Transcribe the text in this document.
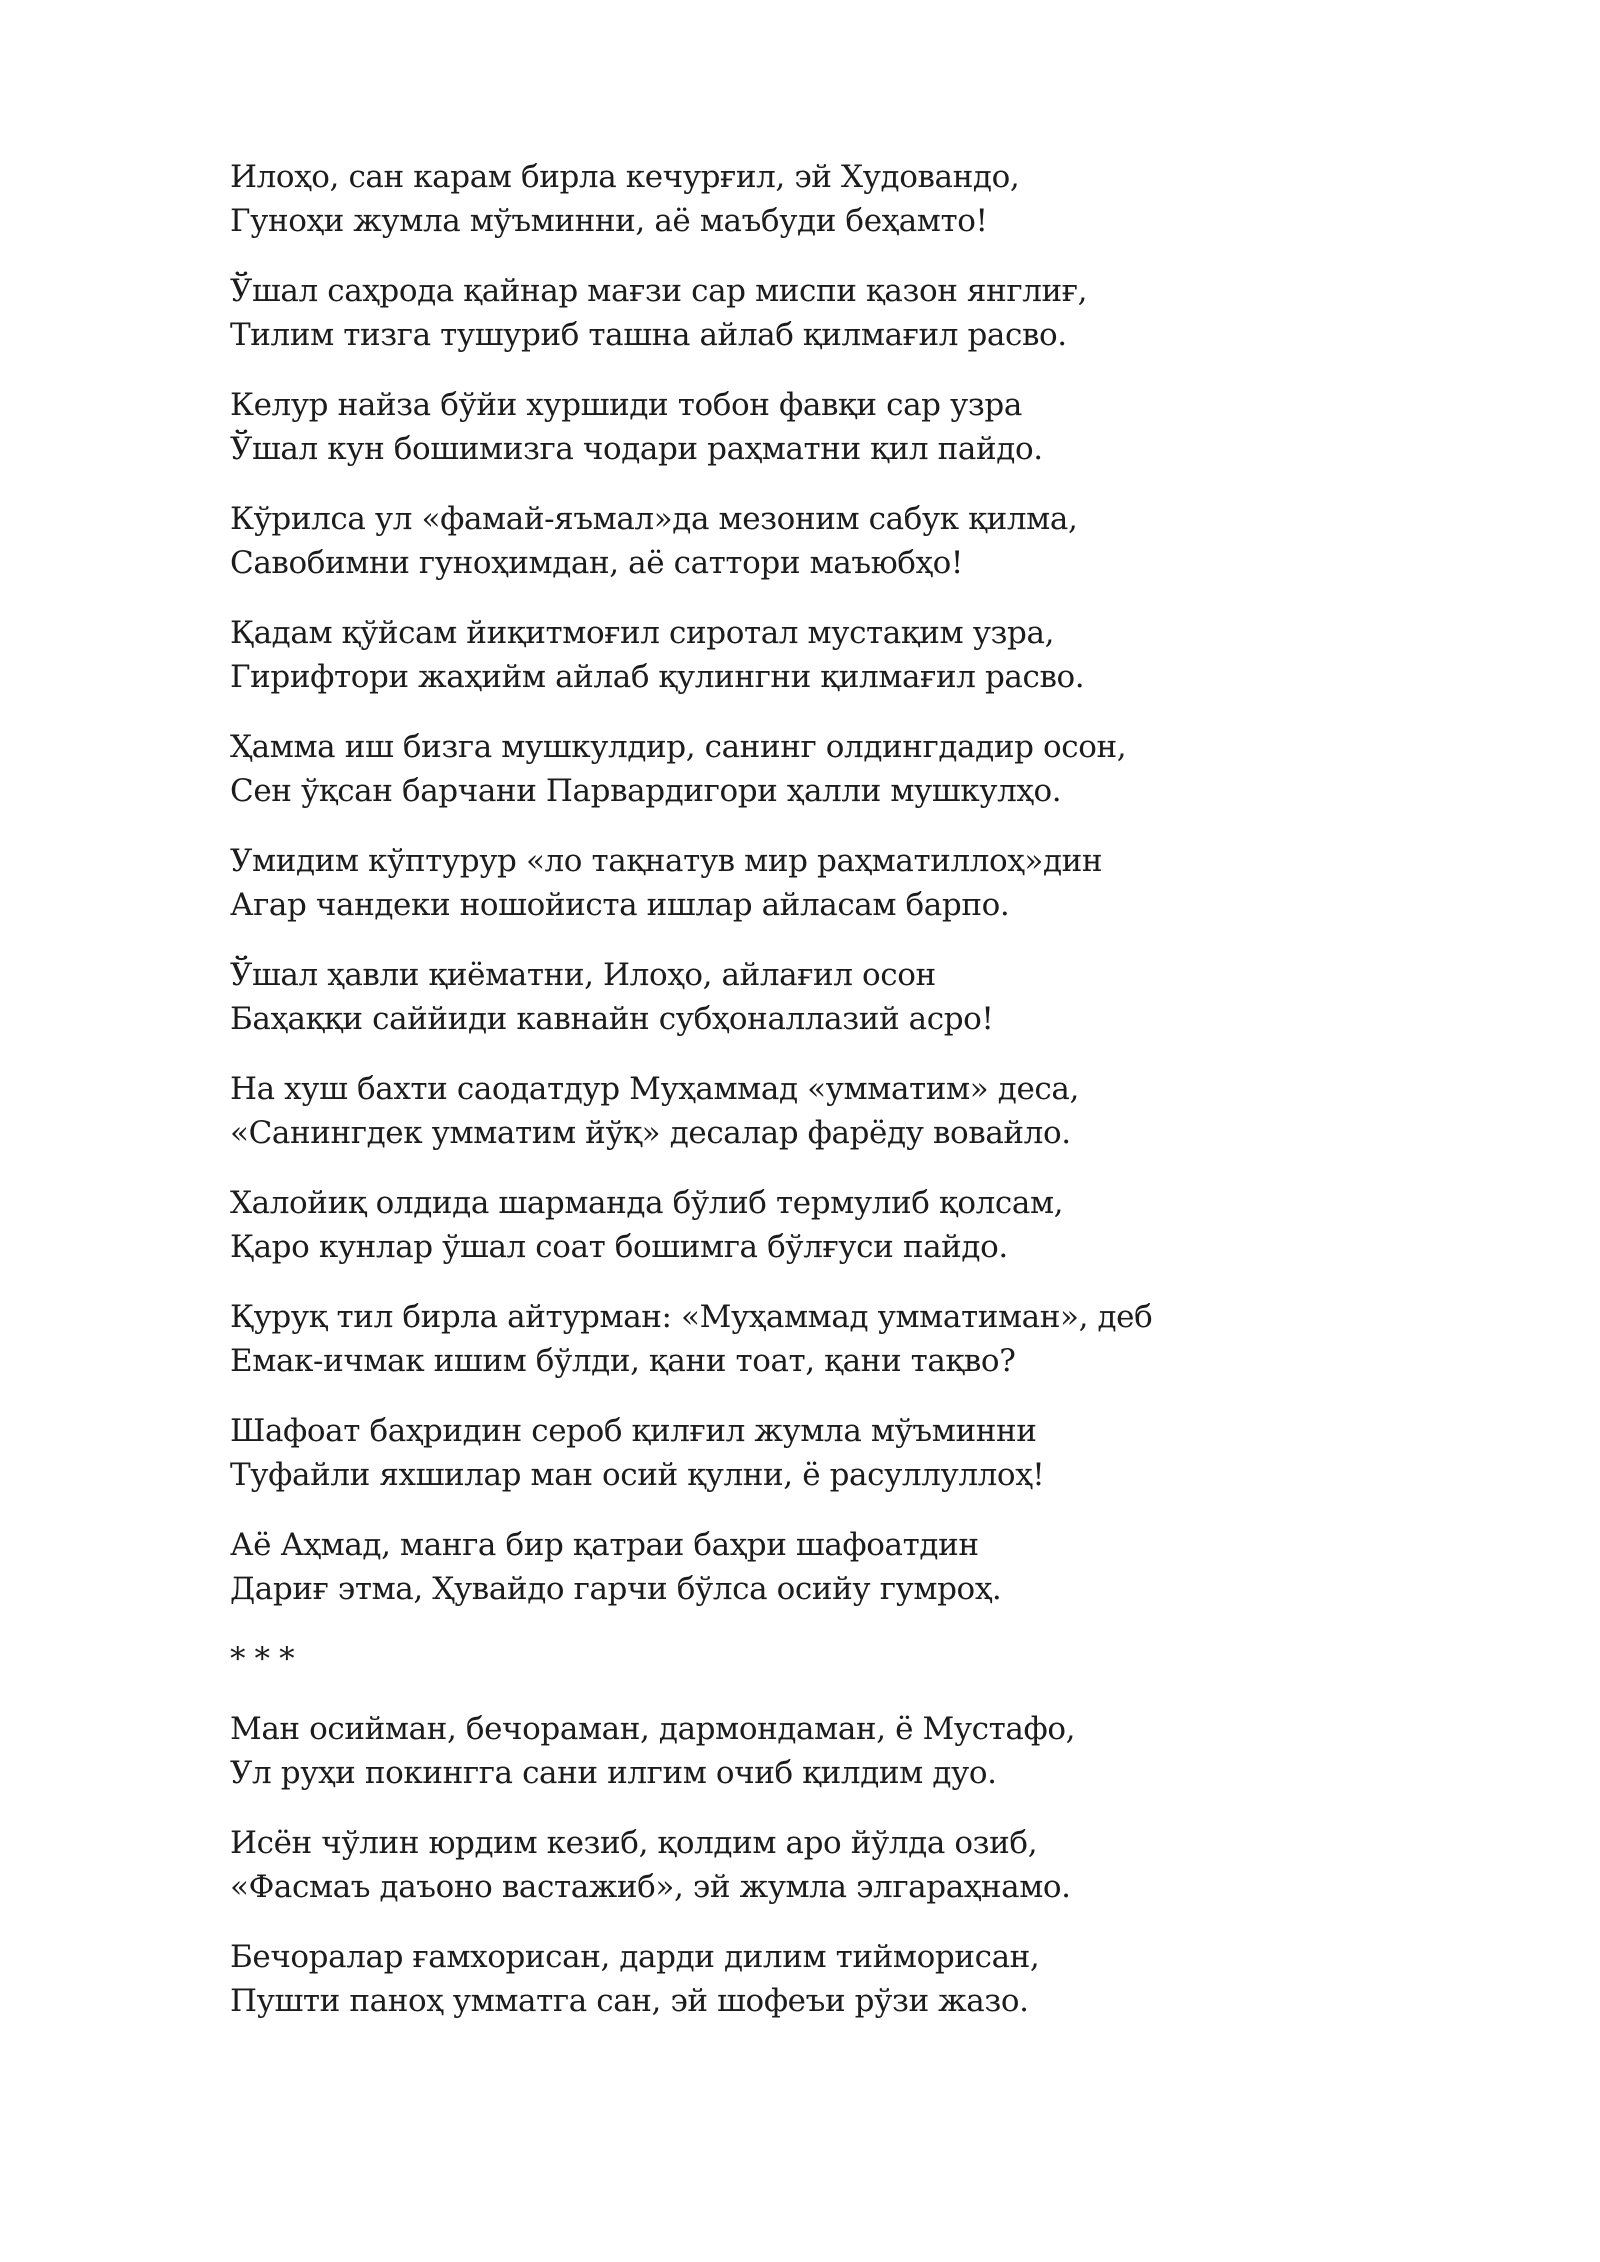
Илоҳо, сан карам бирла кечурғил, эй Худовандо,
Гуноҳи жумла мўъминни, аё маъбуди беҳамто!
Ўшал саҳрода қайнар мағзи сар миспи қазон янглиғ,
Тилим тизга тушуриб ташна айлаб қилмағил расво.
Келур найза бўйи хуршиди тобон фавқи сар узра
Ўшал кун бошимизга чодари раҳматни қил пайдо.
Кўрилса ул «фамай-яъмал»да мезоним сабук қилма,
Савобимни гуноҳимдан, аё саттори маъюбҳо!
Қадам қўйсам йиқитмоғил сиротал мустақим узра,
Гирифтори жаҳийм айлаб қулингни қилмағил расво.
Ҳамма иш бизга мушкулдир, санинг олдингдадир осон,
Сен ўқсан барчани Парвардигори ҳалли мушкулҳо.
Умидим кўптурур «ло тақнатув мир раҳматиллоҳ»дин
Агар чандеки ношойиста ишлар айласам барпо.
Ўшал ҳавли қиёматни, Илоҳо, айлағил осон
Баҳаққи саййиди кавнайн субҳоналлазий асро!
На хуш бахти саодатдур Муҳаммад «умматим» деса,
«Санингдек умматим йўқ» десалар фарёду вовайло.
Халойиқ олдида шарманда бўлиб термулиб қолсам,
Қаро кунлар ўшал соат бошимга бўлғуси пайдо.
Қуруқ тил бирла айтурман: «Муҳаммад умматиман», деб
Емак-ичмак ишим бўлди, қани тоат, қани тақво?
Шафоат баҳридин сероб қилғил жумла мўъминни
Туфайли яхшилар ман осий қулни, ё расуллуллоҳ!
Аё Аҳмад, манга бир қатраи баҳри шафоатдин
Дариғ этма, Ҳувайдо гарчи бўлса осийу гумроҳ.
* * *
Ман осийман, бечораман, дармондаман, ё Мустафо,
Ул руҳи покингга сани илгим очиб қилдим дуо.
Исён чўлин юрдим кезиб, қолдим аро йўлда озиб,
«Фасмаъ даъоно вастажиб», эй жумла элгараҳнамо.
Бечоралар ғамхорисан, дарди дилим тийморисан,
Пушти паноҳ умматга сан, эй шофеъи рўзи жазо.
